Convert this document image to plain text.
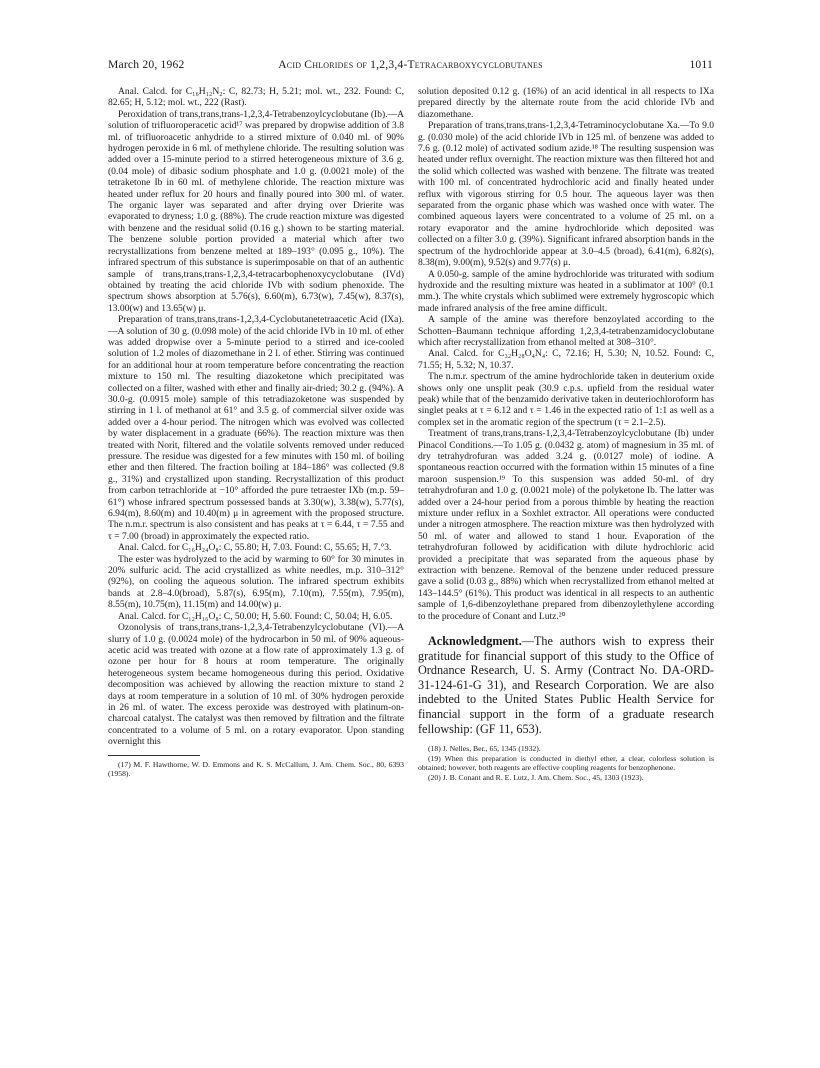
March 20, 1962	Acid Chlorides of 1,2,3,4-Tetracarboxycyclobutanes	1011

Anal. Calcd. for C₁₆H₁₂N₂: C, 82.73; H, 5.21; mol. wt., 232. Found: C, 82.65; H, 5.12; mol. wt., 222 (Rast).

Peroxidation of trans,trans,trans-1,2,3,4-Tetrabenzoylcyclobutane (Ib).—A solution of trifluoroperacetic acid¹⁷ was prepared by dropwise addition of 3.8 ml. of trifluoroacetic anhydride to a stirred mixture of 0.040 ml. of 90% hydrogen peroxide in 6 ml. of methylene chloride. The resulting solution was added over a 15-minute period to a stirred heterogeneous mixture of 3.6 g. (0.04 mole) of dibasic sodium phosphate and 1.0 g. (0.0021 mole) of the tetraketone Ib in 60 ml. of methylene chloride. The reaction mixture was heated under reflux for 20 hours and finally poured into 300 ml. of water. The organic layer was separated and after drying over Drierite was evaporated to dryness; 1.0 g. (88%). The crude reaction mixture was digested with benzene and the residual solid (0.16 g.) shown to be starting material. The benzene soluble portion provided a material which after two recrystallizations from benzene melted at 189–193° (0.095 g., 10%). The infrared spectrum of this substance is superimposable on that of an authentic sample of trans,trans,trans-1,2,3,4-tetracarbophenoxycyclobutane (IVd) obtained by treating the acid chloride IVb with sodium phenoxide. The spectrum shows absorption at 5.76(s), 6.60(m), 6.73(w), 7.45(w), 8.37(s), 13.00(w) and 13.65(w) μ.

Preparation of trans,trans,trans-1,2,3,4-Cyclobutanetetraacetic Acid (IXa).—A solution of 30 g. (0.098 mole) of the acid chloride IVb in 10 ml. of ether was added dropwise over a 5-minute period to a stirred and ice-cooled solution of 1.2 moles of diazomethane in 2 l. of ether. Stirring was continued for an additional hour at room temperature before concentrating the reaction mixture to 150 ml. The resulting diazoketone which precipitated was collected on a filter, washed with ether and finally air-dried; 30.2 g. (94%). A 30.0-g. (0.0915 mole) sample of this tetradiazoketone was suspended by stirring in 1 l. of methanol at 61° and 3.5 g. of commercial silver oxide was added over a 4-hour period. The nitrogen which was evolved was collected by water displacement in a graduate (66%). The reaction mixture was then treated with Norit, filtered and the volatile solvents removed under reduced pressure. The residue was digested for a few minutes with 150 ml. of boiling ether and then filtered. The fraction boiling at 184–186° was collected (9.8 g., 31%) and crystallized upon standing. Recrystallization of this product from carbon tetrachloride at −10° afforded the pure tetraester IXb (m.p. 59–61°) whose infrared spectrum possessed bands at 3.30(w), 3.38(w), 5.77(s), 6.94(m), 8.60(m) and 10.40(m) μ in agreement with the proposed structure. The n.m.r. spectrum is also consistent and has peaks at τ = 6.44, τ = 7.55 and τ = 7.00 (broad) in approximately the expected ratio.

Anal. Calcd. for C₁₆H₂₄O₈: C, 55.80; H, 7.03. Found: C, 55.65; H, 7.°3.

The ester was hydrolyzed to the acid by warming to 60° for 30 minutes in 20% sulfuric acid. The acid crystallized as white needles, m.p. 310–312° (92%), on cooling the aqueous solution. The infrared spectrum exhibits bands at 2.8–4.0(broad), 5.87(s), 6.95(m), 7.10(m), 7.55(m), 7.95(m), 8.55(m), 10.75(m), 11.15(m) and 14.00(w) μ.

Anal. Calcd. for C₁₂H₁₆O₈: C, 50.00; H, 5.60. Found: C, 50.04; H, 6.05.

Ozonolysis of trans,trans,trans-1,2,3,4-Tetrabenzylcyclobutane (VI).—A slurry of 1.0 g. (0.0024 mole) of the hydrocarbon in 50 ml. of 90% aqueous-acetic acid was treated with ozone at a flow rate of approximately 1.3 g. of ozone per hour for 8 hours at room temperature. The originally heterogeneous system became homogeneous during this period. Oxidative decomposition was achieved by allowing the reaction mixture to stand 2 days at room temperature in a solution of 10 ml. of 30% hydrogen peroxide in 26 ml. of water. The excess peroxide was destroyed with platinum-on-charcoal catalyst. The catalyst was then removed by filtration and the filtrate concentrated to a volume of 5 ml. on a rotary evaporator. Upon standing overnight this

(17) M. F. Hawthorne, W. D. Emmons and K. S. McCallum, J. Am. Chem. Soc., 80, 6393 (1958).

solution deposited 0.12 g. (16%) of an acid identical in all respects to IXa prepared directly by the alternate route from the acid chloride IVb and diazomethane.

Preparation of trans,trans,trans-1,2,3,4-Tetraminocyclobutane Xa.—To 9.0 g. (0.030 mole) of the acid chloride IVb in 125 ml. of benzene was added to 7.6 g. (0.12 mole) of activated sodium azide.¹⁸ The resulting suspension was heated under reflux overnight. The reaction mixture was then filtered hot and the solid which collected was washed with benzene. The filtrate was treated with 100 ml. of concentrated hydrochloric acid and finally heated under reflux with vigorous stirring for 0.5 hour. The aqueous layer was then separated from the organic phase which was washed once with water. The combined aqueous layers were concentrated to a volume of 25 ml. on a rotary evaporator and the amine hydrochloride which deposited was collected on a filter 3.0 g. (39%). Significant infrared absorption bands in the spectrum of the hydrochloride appear at 3.0–4.5 (broad), 6.41(m), 6.82(s), 8.38(m), 9.00(m), 9.52(s) and 9.77(s) μ.

A 0.050-g. sample of the amine hydrochloride was triturated with sodium hydroxide and the resulting mixture was heated in a sublimator at 100° (0.1 mm.). The white crystals which sublimed were extremely hygroscopic which made infrared analysis of the free amine difficult.

A sample of the amine was therefore benzoylated according to the Schotten–Baumann technique affording 1,2,3,4-tetrabenzamidocyclobutane which after recrystallization from ethanol melted at 308–310°.

Anal. Calcd. for C₃₂H₂₈O₄N₄: C, 72.16; H, 5.30; N, 10.52. Found: C, 71.55; H, 5.32; N, 10.37.

The n.m.r. spectrum of the amine hydrochloride taken in deuterium oxide shows only one unsplit peak (30.9 c.p.s. upfield from the residual water peak) while that of the benzamido derivative taken in deuteriochloroform has singlet peaks at τ = 6.12 and τ = 1.46 in the expected ratio of 1:1 as well as a complex set in the aromatic region of the spectrum (τ = 2.1–2.5).

Treatment of trans,trans,trans-1,2,3,4-Tetrabenzoylcyclobutane (Ib) under Pinacol Conditions.—To 1.05 g. (0.0432 g. atom) of magnesium in 35 ml. of dry tetrahydrofuran was added 3.24 g. (0.0127 mole) of iodine. A spontaneous reaction occurred with the formation within 15 minutes of a fine maroon suspension.¹⁹ To this suspension was added 50-ml. of dry tetrahydrofuran and 1.0 g. (0.0021 mole) of the polyketone Ib. The latter was added over a 24-hour period from a porous thimble by heating the reaction mixture under reflux in a Soxhlet extractor. All operations were conducted under a nitrogen atmosphere. The reaction mixture was then hydrolyzed with 50 ml. of water and allowed to stand 1 hour. Evaporation of the tetrahydrofuran followed by acidification with dilute hydrochloric acid provided a precipitate that was separated from the aqueous phase by extraction with benzene. Removal of the benzene under reduced pressure gave a solid (0.03 g., 88%) which when recrystallized from ethanol melted at 143–144.5° (61%). This product was identical in all respects to an authentic sample of 1,6-dibenzoylethane prepared from dibenzoylethylene according to the procedure of Conant and Lutz.²⁰

Acknowledgment.—The authors wish to express their gratitude for financial support of this study to the Office of Ordnance Research, U. S. Army (Contract No. DA-ORD-31-124-61-G 31), and Research Corporation. We are also indebted to the United States Public Health Service for financial support in the form of a graduate research fellowship: (GF 11, 653).

(18) J. Nelles, Ber., 65, 1345 (1932).

(19) When this preparation is conducted in diethyl ether, a clear, colorless solution is obtained; however, both reagents are effective coupling reagents for benzophenone.

(20) J. B. Conant and R. E. Lutz, J. Am. Chem. Soc., 45, 1303 (1923).
